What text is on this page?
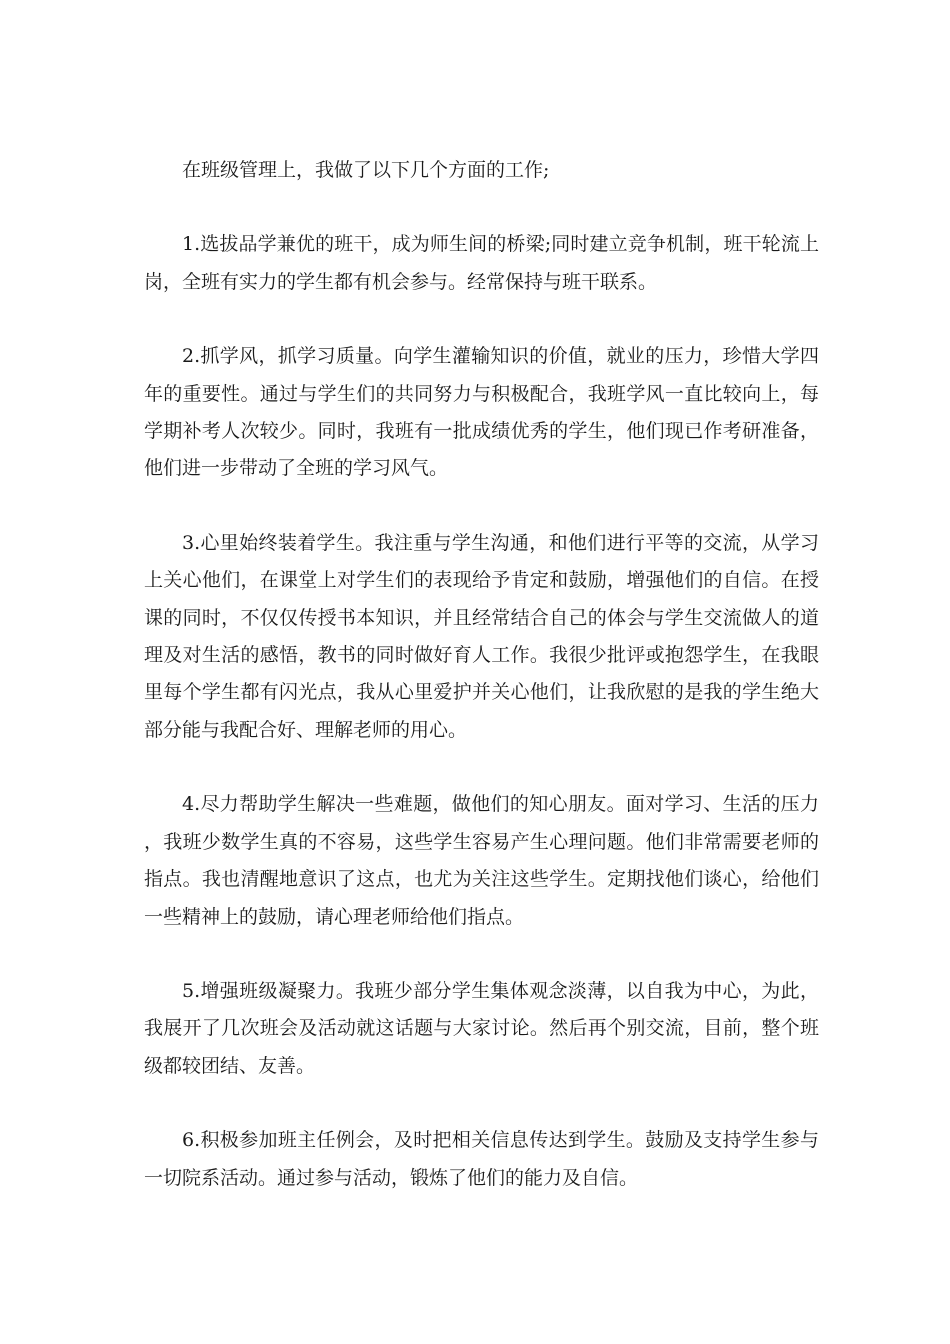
在班级管理上，我做了以下几个方面的工作;

1.选拔品学兼优的班干，成为师生间的桥梁;同时建立竞争机制，班干轮流上岗，全班有实力的学生都有机会参与。经常保持与班干联系。

2.抓学风，抓学习质量。向学生灌输知识的价值，就业的压力，珍惜大学四年的重要性。通过与学生们的共同努力与积极配合，我班学风一直比较向上，每学期补考人次较少。同时，我班有一批成绩优秀的学生，他们现已作考研准备，他们进一步带动了全班的学习风气。

3.心里始终装着学生。我注重与学生沟通，和他们进行平等的交流，从学习上关心他们，在课堂上对学生们的表现给予肯定和鼓励，增强他们的自信。在授课的同时，不仅仅传授书本知识，并且经常结合自己的体会与学生交流做人的道理及对生活的感悟，教书的同时做好育人工作。我很少批评或抱怨学生，在我眼里每个学生都有闪光点，我从心里爱护并关心他们，让我欣慰的是我的学生绝大部分能与我配合好、理解老师的用心。

4.尽力帮助学生解决一些难题，做他们的知心朋友。面对学习、生活的压力，我班少数学生真的不容易，这些学生容易产生心理问题。他们非常需要老师的指点。我也清醒地意识了这点，也尤为关注这些学生。定期找他们谈心，给他们一些精神上的鼓励，请心理老师给他们指点。

5.增强班级凝聚力。我班少部分学生集体观念淡薄，以自我为中心，为此，我展开了几次班会及活动就这话题与大家讨论。然后再个别交流，目前，整个班级都较团结、友善。

6.积极参加班主任例会，及时把相关信息传达到学生。鼓励及支持学生参与一切院系活动。通过参与活动，锻炼了他们的能力及自信。
